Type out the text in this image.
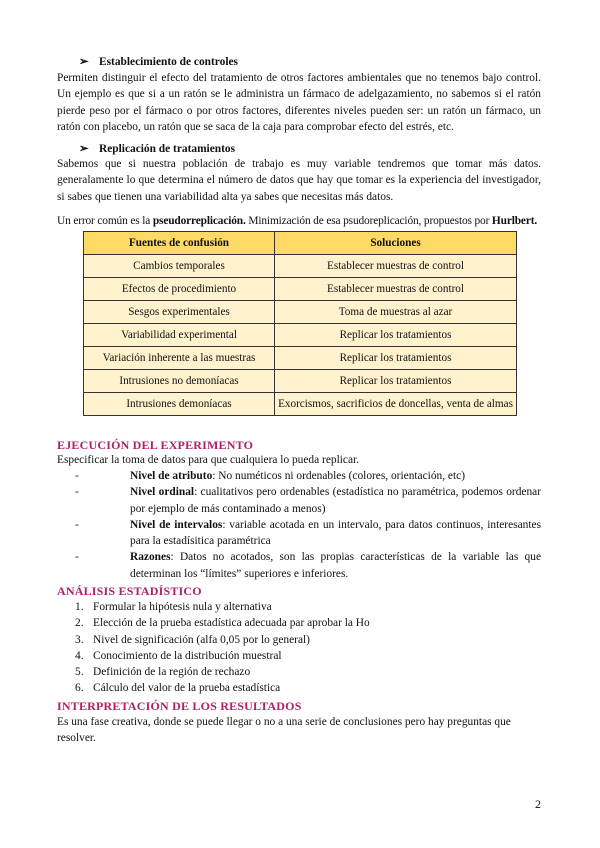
➢ Establecimiento de controles
Permiten distinguir el efecto del tratamiento de otros factores ambientales que no tenemos bajo control. Un ejemplo es que si a un ratón se le administra un fármaco de adelgazamiento, no sabemos si el ratón pierde peso por el fármaco o por otros factores, diferentes niveles pueden ser: un ratón un fármaco, un ratón con placebo, un ratón que se saca de la caja para comprobar efecto del estrés, etc.
➢ Replicación de tratamientos
Sabemos que si nuestra población de trabajo es muy variable tendremos que tomar más datos. generalamente lo que determina el número de datos que hay que tomar es la experiencia del investigador, si sabes que tienen una variabilidad alta ya sabes que necesitas más datos.
Un error común es la pseudorreplicación. Minimización de esa psudoreplicación, propuestos por Hurlbert.
Fuentes de confusión	Soluciones
Cambios temporales	Establecer muestras de control
Efectos de procedimiento	Establecer muestras de control
Sesgos experimentales	Toma de muestras al azar
Variabilidad experimental	Replicar los tratamientos
Variación inherente a las muestras	Replicar los tratamientos
Intrusiones no demoníacas	Replicar los tratamientos
Intrusiones demoníacas	Exorcismos, sacrificios de doncellas, venta de almas
EJECUCIÓN DEL EXPERIMENTO
Especificar la toma de datos para que cualquiera lo pueda replicar.
-	Nivel de atributo: No numéticos ni ordenables (colores, orientación, etc)
-	Nivel ordinal: cualitativos pero ordenables (estadística no paramétrica, podemos ordenar por ejemplo de más contaminado a menos)
-	Nivel de intervalos: variable acotada en un intervalo, para datos continuos, interesantes para la estadísitica paramétrica
-	Razones: Datos no acotados, son las propias características de la variable las que determinan los “límites” superiores e inferiores.
ANÁLISIS ESTADÍSTICO
1. Formular la hipótesis nula y alternativa
2. Elección de la prueba estadística adecuada par aprobar la Ho
3. Nivel de significación (alfa 0,05 por lo general)
4. Conocimiento de la distribución muestral
5. Definición de la región de rechazo
6. Cálculo del valor de la prueba estadística
INTERPRETACIÓN DE LOS RESULTADOS
Es una fase creativa, donde se puede llegar o no a una serie de conclusiones pero hay preguntas que resolver.
2
